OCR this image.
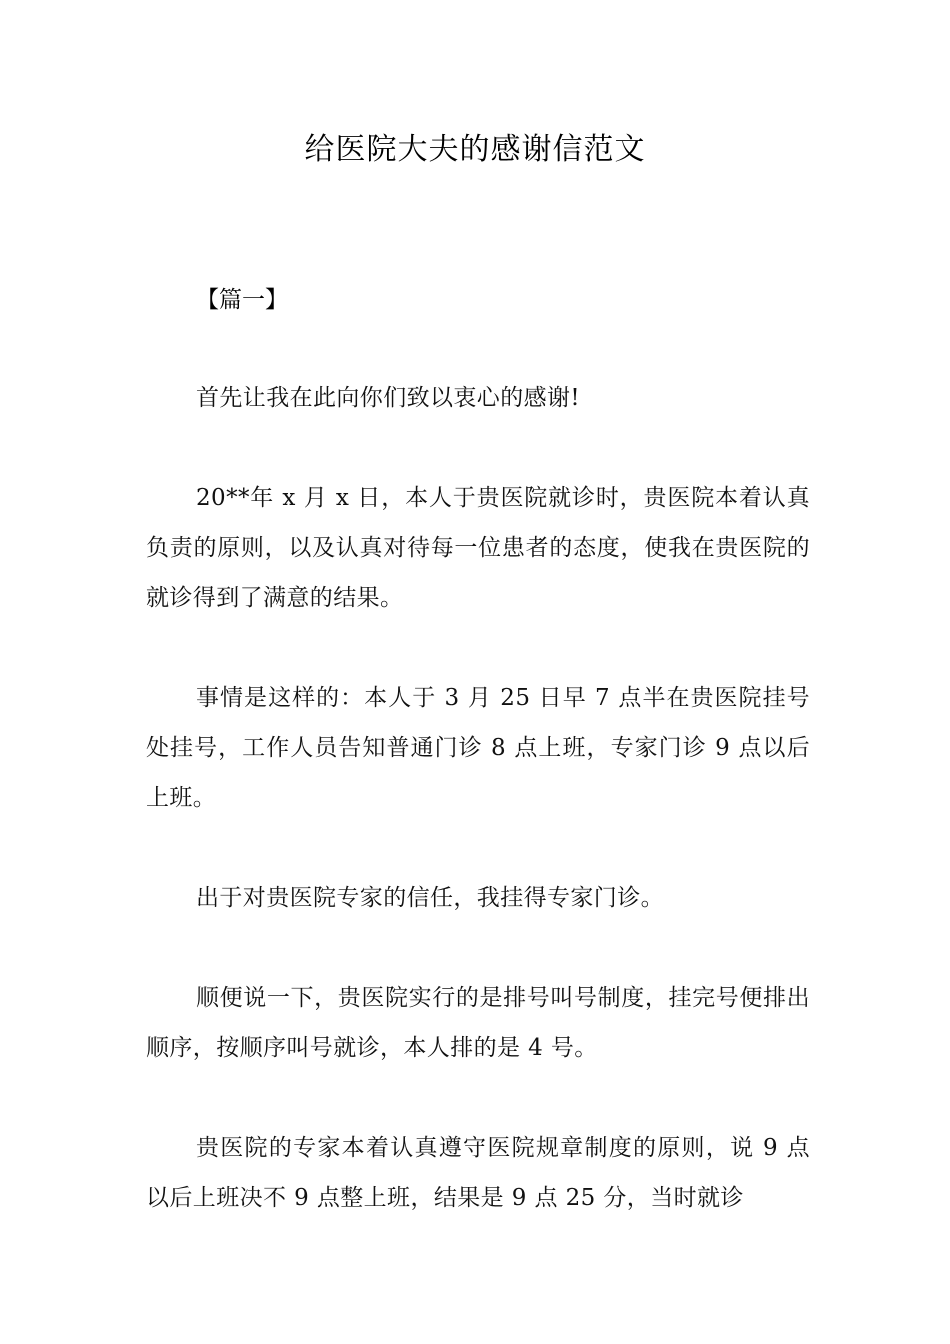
给医院大夫的感谢信范文
【篇一】

首先让我在此向你们致以衷心的感谢!

20**年 x 月 x 日，本人于贵医院就诊时，贵医院本着认真负责的原则，以及认真对待每一位患者的态度，使我在贵医院的就诊得到了满意的结果。

事情是这样的：本人于 3 月 25 日早 7 点半在贵医院挂号处挂号，工作人员告知普通门诊 8 点上班，专家门诊 9 点以后上班。

出于对贵医院专家的信任，我挂得专家门诊。

顺便说一下，贵医院实行的是排号叫号制度，挂完号便排出顺序，按顺序叫号就诊，本人排的是 4 号。

贵医院的专家本着认真遵守医院规章制度的原则，说 9 点以后上班决不 9 点整上班，结果是 9 点 25 分，当时就诊
